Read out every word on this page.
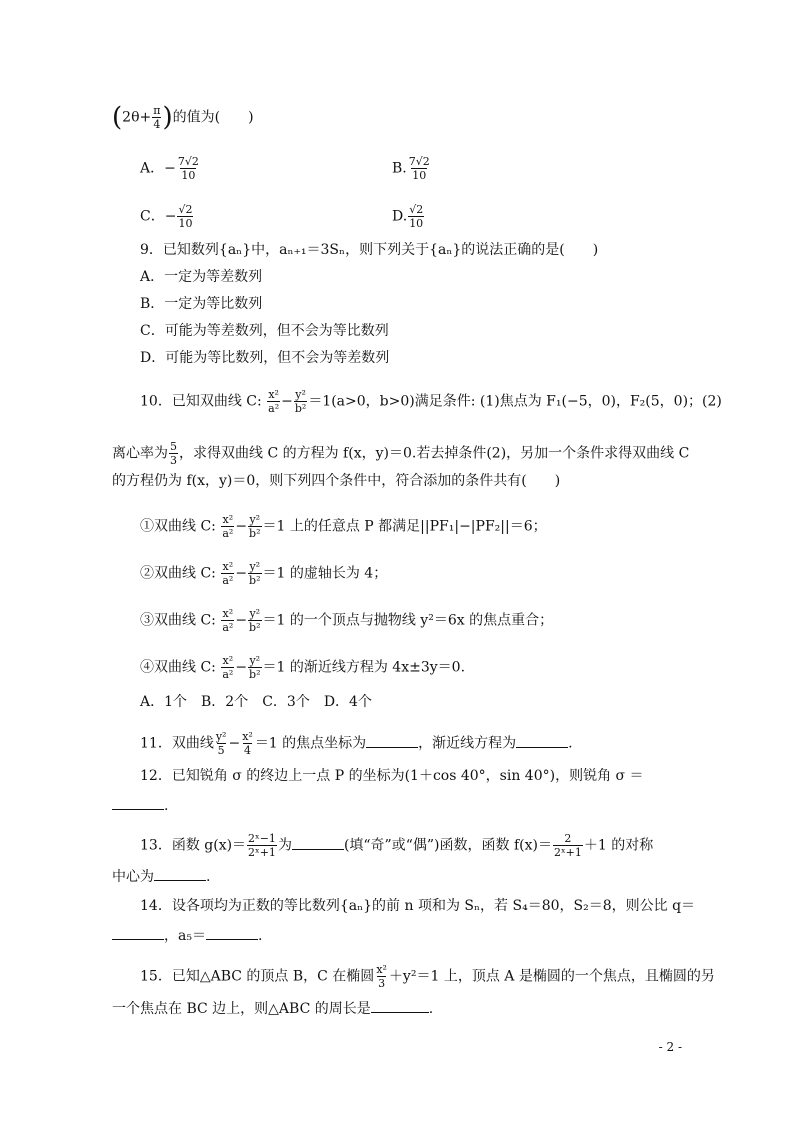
($2\theta+ \frac{\pi}{4}$ )的值为(　　)
A．− $\frac{7√2}{10}$	B. $\frac{7√2}{10}$
C．− $\frac{√2}{10}$	D. $\frac{√2}{10}$
9．已知数列{aₙ}中，aₙ₊₁＝3Sₙ，则下列关于{aₙ}的说法正确的是(　　)
A．一定为等差数列
B．一定为等比数列
C．可能为等差数列，但不会为等比数列
D．可能为等比数列，但不会为等差数列
10．已知双曲线 C: $\frac{\text{x²}}{\text{a²}} - \frac{\text{y²}}{\text{b²}} =1(a>0$，b>0)满足条件: (1)焦点为 F₁(−5，0)，F₂(5，0)；(2)
离心率为 $\frac{5}{3}$ ，求得双曲线 C 的方程为 f(x，y)＝0.若去掉条件(2)，另加一个条件求得双曲线 C
的方程仍为 f(x，y)＝0，则下列四个条件中，符合添加的条件共有(　　)
①双曲线 C: $\frac{\text{x²}}{\text{a²}} - \frac{\text{y²}}{\text{b²}} =1$ 上的任意点 P 都满足||PF₁|−|PF₂||＝6；
②双曲线 C: $\frac{\text{x²}}{\text{a²}} - \frac{\text{y²}}{\text{b²}} =1$ 的虚轴长为 4；
③双曲线 C: $\frac{\text{x²}}{\text{a²}} - \frac{\text{y²}}{\text{b²}} =1$ 的一个顶点与抛物线 y²＝6x 的焦点重合；
④双曲线 C: $\frac{\text{x²}}{\text{a²}} - \frac{\text{y²}}{\text{b²}} =1$ 的渐近线方程为 4x±3y＝0.
A．1个　B．2个　C．3个　D．4个
11．双曲线 $\frac{\text{y²}}{5} - \frac{\text{x²}}{4} =1$ 的焦点坐标为	，渐近线方程为	.
12．已知锐角 σ 的终边上一点 P 的坐标为(1＋cos 40°，sin 40°)，则锐角 σ ＝
.
13．函数 $g(x)= \frac{\text{2ˣ−1}}{\text{2ˣ+1}}$ 为	(填“奇”或“偶”)函数，函数 $f(x)= \frac{2}{\text{2ˣ+1}} +1$ 的对称
中心为	.
14．设各项均为正数的等比数列{aₙ}的前 n 项和为 Sₙ，若 S₄＝80，S₂＝8，则公比 q＝
，a₅＝	.
15．已知△ABC 的顶点 B，C 在椭圆 $\frac{\text{x²}}{3} +y^2=1$ 上，顶点 A 是椭圆的一个焦点，且椭圆的另
一个焦点在 BC 边上，则△ABC 的周长是	.
- 2 -
